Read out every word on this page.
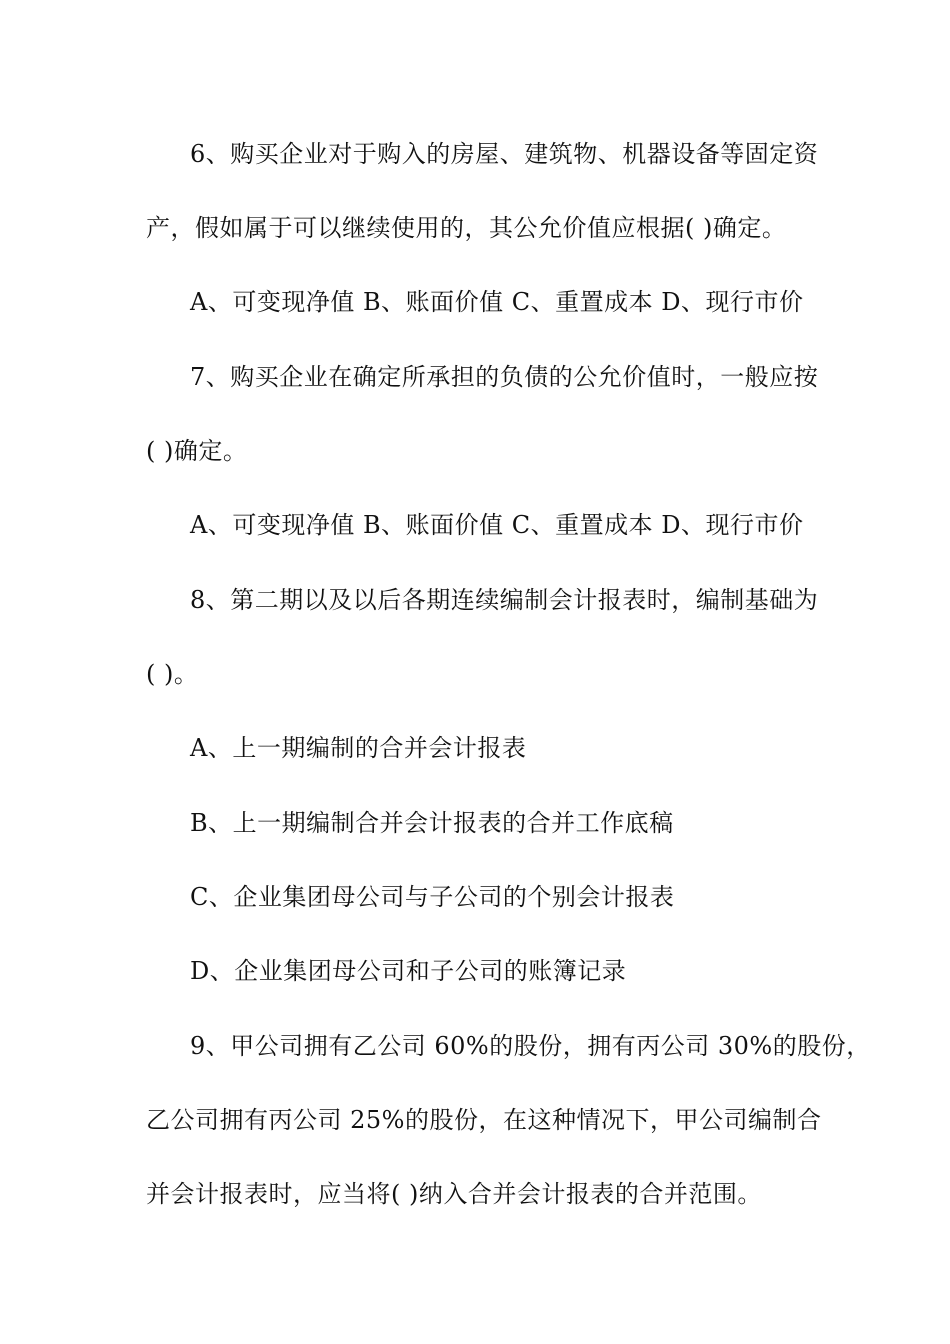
6、购买企业对于购入的房屋、建筑物、机器设备等固定资
产，假如属于可以继续使用的，其公允价值应根据( )确定。
A、可变现净值 B、账面价值 C、重置成本 D、现行市价
7、购买企业在确定所承担的负债的公允价值时，一般应按
( )确定。
A、可变现净值 B、账面价值 C、重置成本 D、现行市价
8、第二期以及以后各期连续编制会计报表时，编制基础为
( )。
A、上一期编制的合并会计报表
B、上一期编制合并会计报表的合并工作底稿
C、企业集团母公司与子公司的个别会计报表
D、企业集团母公司和子公司的账簿记录
9、甲公司拥有乙公司 60%的股份，拥有丙公司 30%的股份，
乙公司拥有丙公司 25%的股份，在这种情况下，甲公司编制合
并会计报表时，应当将( )纳入合并会计报表的合并范围。
